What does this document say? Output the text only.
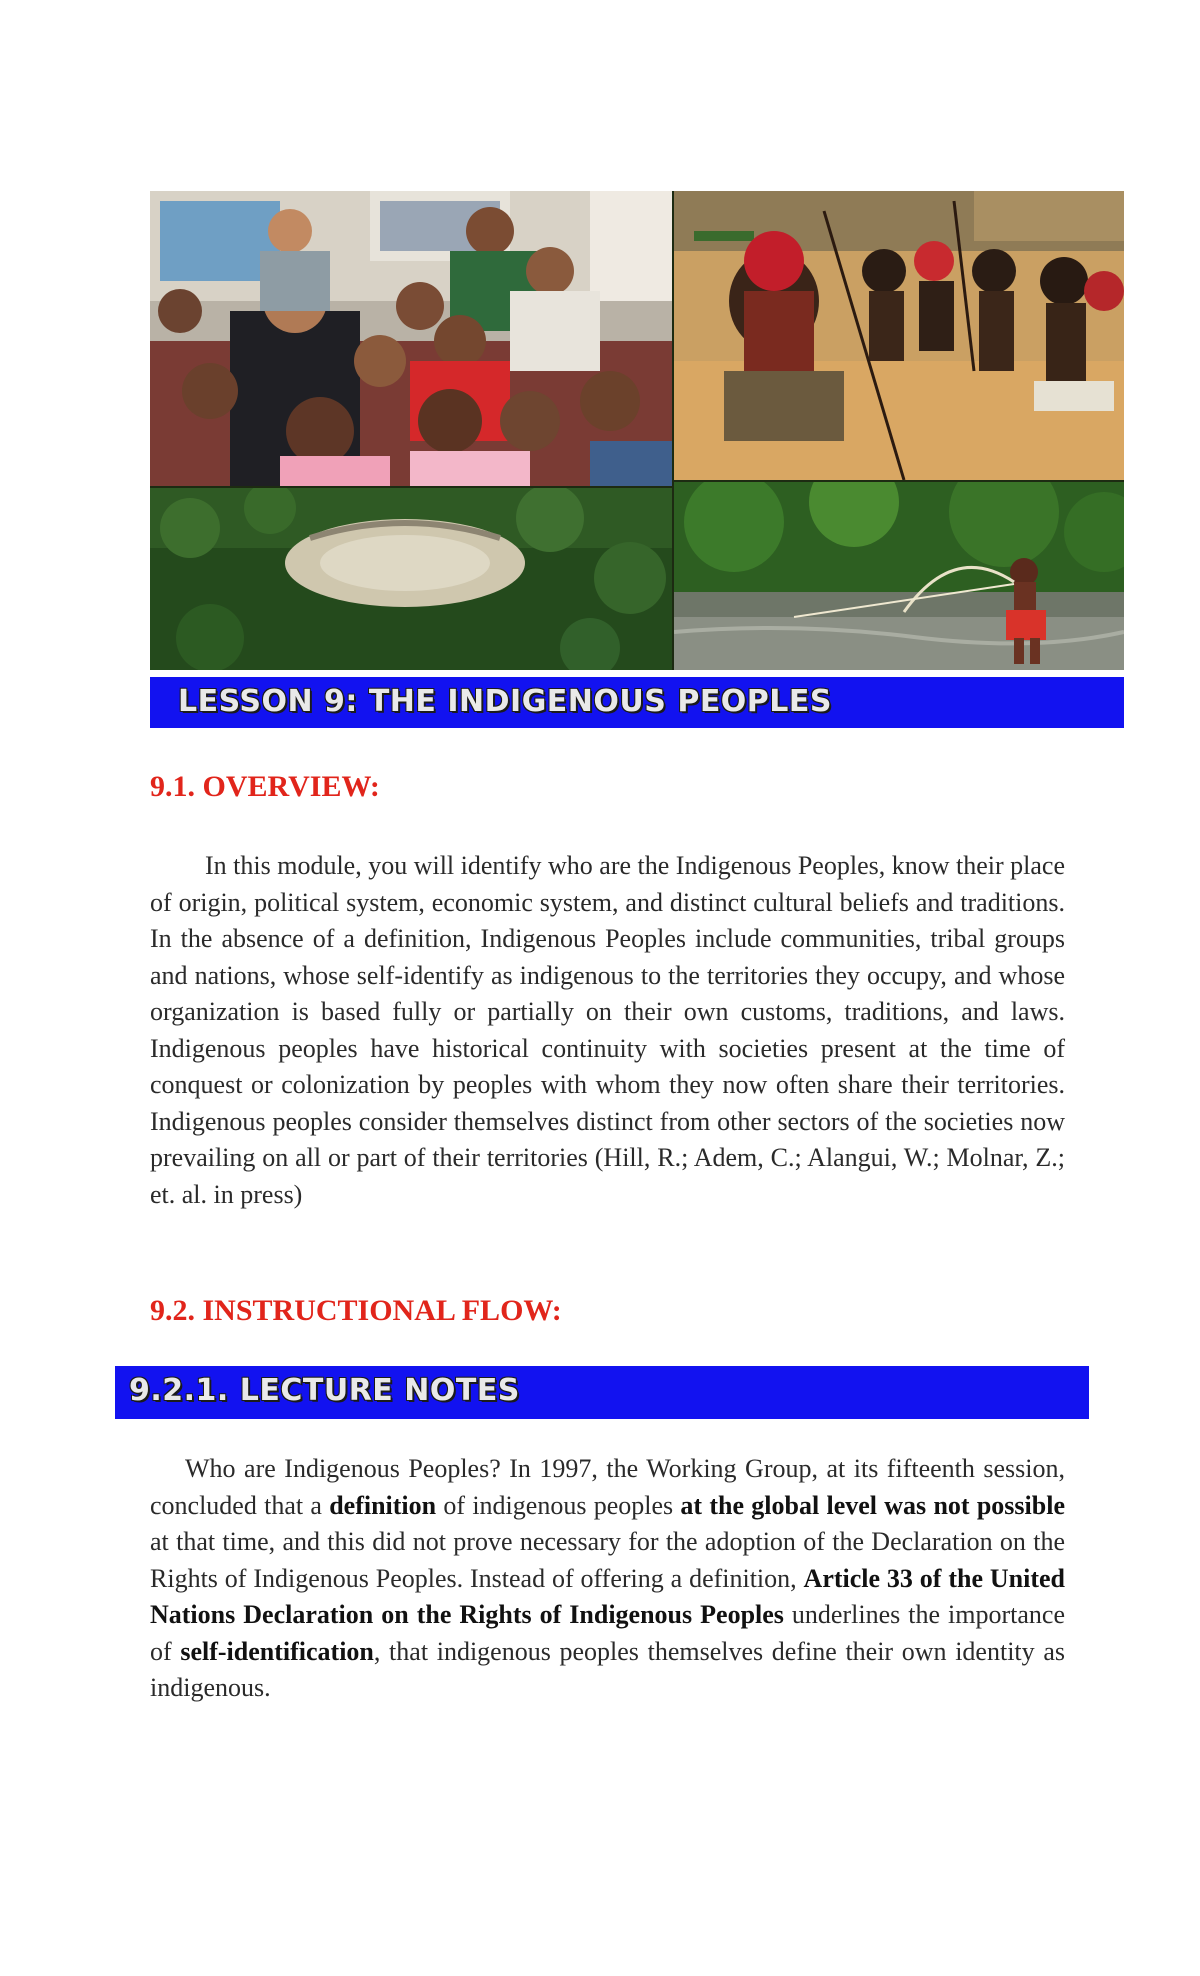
LESSON 9: THE INDIGENOUS PEOPLES
9.1. OVERVIEW:

In this module, you will identify who are the Indigenous Peoples, know their place of origin, political system, economic system, and distinct cultural beliefs and traditions. In the absence of a definition, Indigenous Peoples include communities, tribal groups and nations, whose self-identify as indigenous to the territories they occupy, and whose organization is based fully or partially on their own customs, traditions, and laws. Indigenous peoples have historical continuity with societies present at the time of conquest or colonization by peoples with whom they now often share their territories. Indigenous peoples consider themselves distinct from other sectors of the societies now prevailing on all or part of their territories (Hill, R.; Adem, C.; Alangui, W.; Molnar, Z.; et. al. in press)

9.2. INSTRUCTIONAL FLOW:
9.2.1. LECTURE NOTES

Who are Indigenous Peoples? In 1997, the Working Group, at its fifteenth session, concluded that a definition of indigenous peoples at the global level was not possible at that time, and this did not prove necessary for the adoption of the Declaration on the Rights of Indigenous Peoples. Instead of offering a definition, Article 33 of the United Nations Declaration on the Rights of Indigenous Peoples underlines the importance of self-identification, that indigenous peoples themselves define their own identity as indigenous.
